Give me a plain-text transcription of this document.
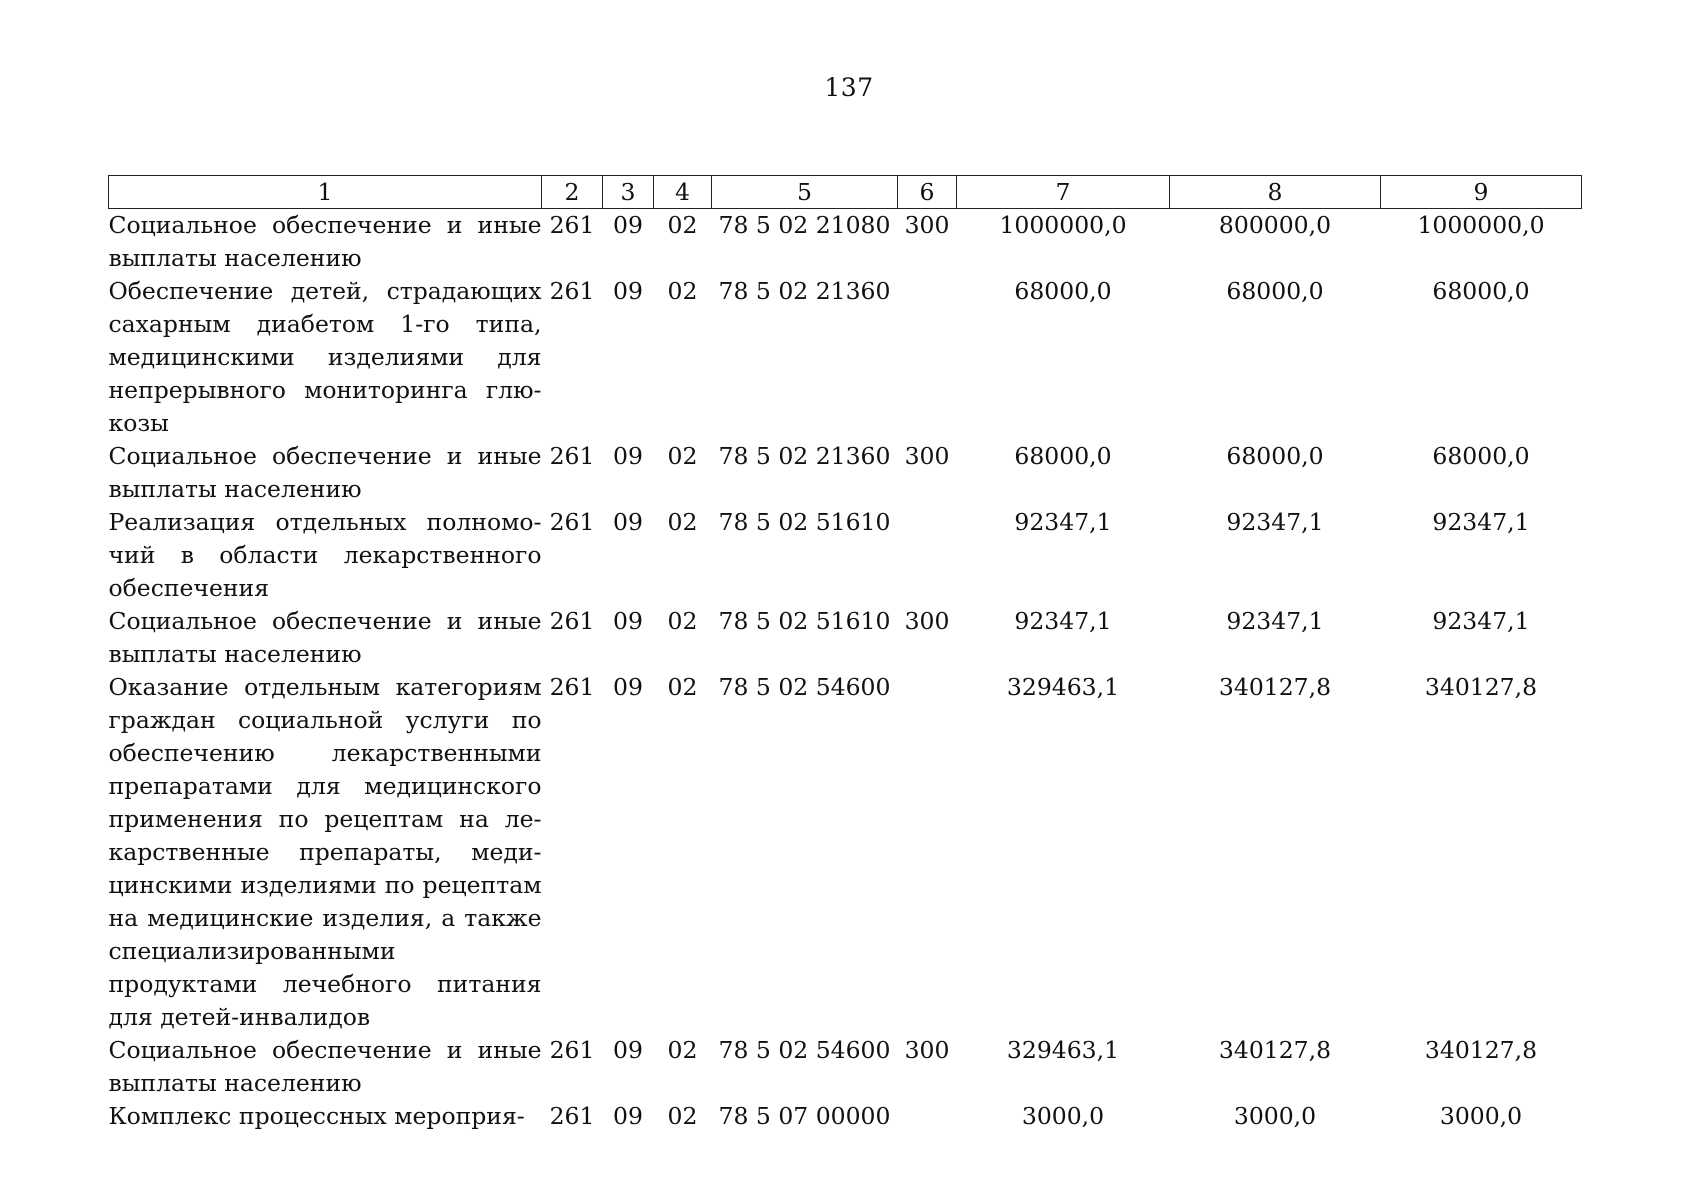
137
1	2	3	4	5	6	7	8	9
Социальное обеспечение и иные выплаты населению	261	09	02	78 5 02 21080	300	1000000,0	800000,0	1000000,0
Обеспечение детей, страдающих сахарным диабетом 1-го типа, медицинскими изделиями для непрерывного мониторинга глюкозы	261	09	02	78 5 02 21360		68000,0	68000,0	68000,0
Социальное обеспечение и иные выплаты населению	261	09	02	78 5 02 21360	300	68000,0	68000,0	68000,0
Реализация отдельных полномочий в области лекарственного обеспечения	261	09	02	78 5 02 51610		92347,1	92347,1	92347,1
Социальное обеспечение и иные выплаты населению	261	09	02	78 5 02 51610	300	92347,1	92347,1	92347,1
Оказание отдельным категориям граждан социальной услуги по обеспечению лекарственными препаратами для медицинского применения по рецептам на лекарственные препараты, медицинскими изделиями по рецептам на медицинские изделия, а также специализированными продуктами лечебного питания для детей-инвалидов	261	09	02	78 5 02 54600		329463,1	340127,8	340127,8
Социальное обеспечение и иные выплаты населению	261	09	02	78 5 02 54600	300	329463,1	340127,8	340127,8
Комплекс процессных мероприя-	261	09	02	78 5 07 00000		3000,0	3000,0	3000,0
